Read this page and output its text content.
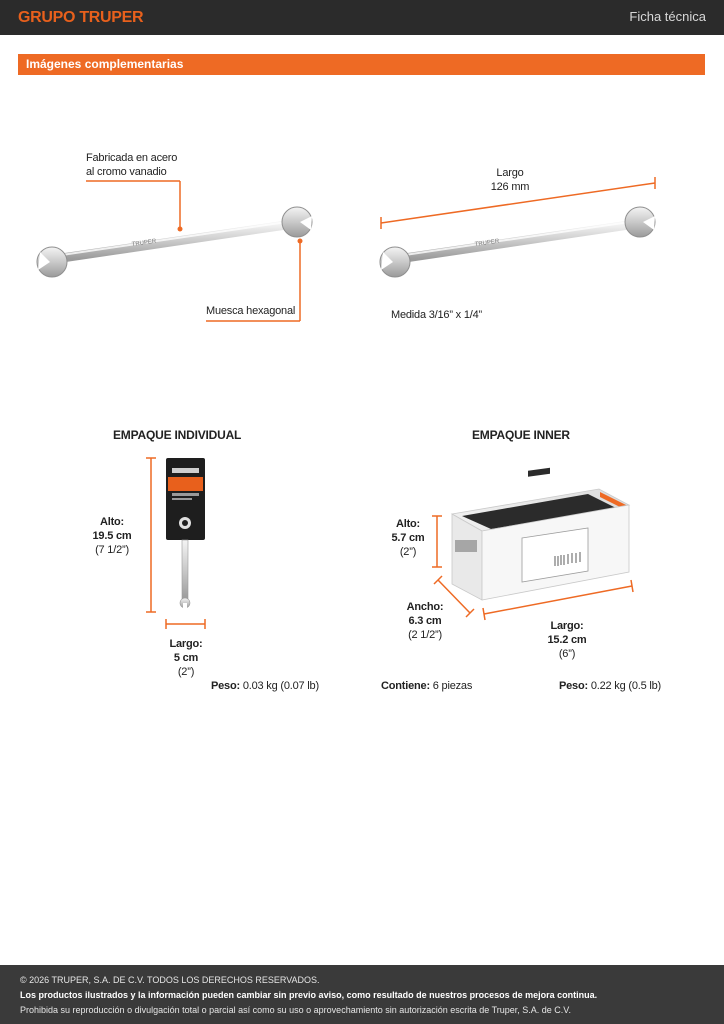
GRUPO TRUPER	Ficha técnica
Imágenes complementarias
TRUPER	TRUPER
Fabricada en acero
al cromo vanadio
Muesca hexagonal
Largo
126 mm
Medida 3/16” x 1/4”
EMPAQUE INDIVIDUAL
Alto:
19.5 cm
(7 1/2”)
Largo:
5 cm
(2”)
Peso: 0.03 kg (0.07 lb)
EMPAQUE INNER
Alto:
5.7 cm
(2”)
Ancho:
6.3 cm
(2 1/2”)
Largo:
15.2 cm
(6”)
Contiene: 6 piezas	Peso: 0.22 kg (0.5 lb)
© 2026 TRUPER, S.A. DE C.V. TODOS LOS DERECHOS RESERVADOS.
Los productos ilustrados y la información pueden cambiar sin previo aviso, como resultado de nuestros procesos de mejora continua.
Prohibida su reproducción o divulgación total o parcial así como su uso o aprovechamiento sin autorización escrita de Truper, S.A. de C.V.
